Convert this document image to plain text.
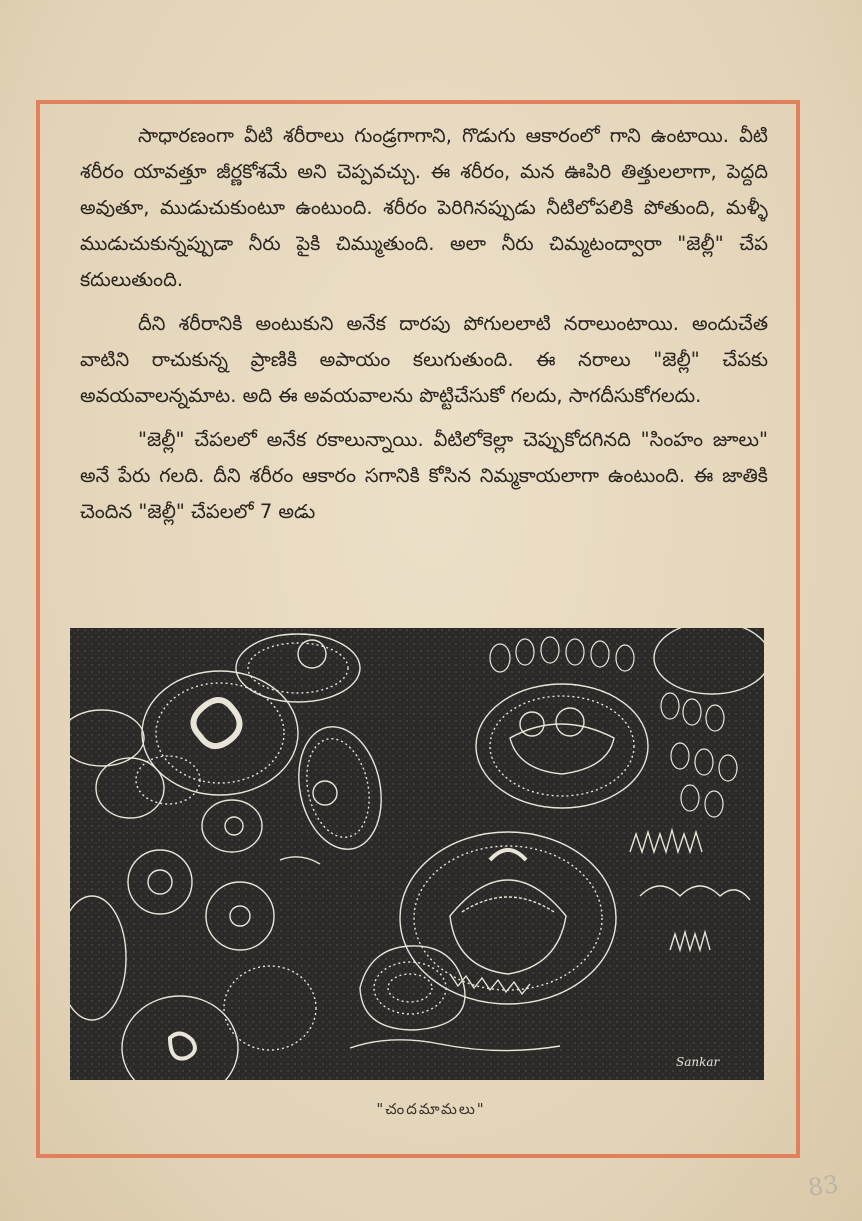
సాధారణంగా వీటి శరీరాలు గుండ్రగాగాని, గొడుగు ఆకారంలో గాని ఉంటాయి. వీటి శరీరం యావత్తూ జీర్ణకోశమే అని చెప్పవచ్చు. ఈ శరీరం, మన ఊపిరి తిత్తులలాగా, పెద్దది అవుతూ, ముడుచుకుంటూ ఉంటుంది. శరీరం పెరిగినప్పుడు నీటిలోపలికి పోతుంది, మళ్ళీ ముడుచుకున్నప్పుడా నీరు పైకి చిమ్ముతుంది. అలా నీరు చిమ్మటంద్వారా "జెల్లీ" చేప కదులుతుంది.

దీని శరీరానికి అంటుకుని అనేక దారపు పోగులలాటి నరాలుంటాయి. అందుచేత వాటిని రాచుకున్న ప్రాణికి అపాయం కలుగుతుంది. ఈ నరాలు "జెల్లీ" చేపకు అవయవాలన్నమాట. అది ఈ అవయవాలను పొట్టిచేసుకో గలదు, సాగదీసుకోగలదు.

"జెల్లీ" చేపలలో అనేక రకాలున్నాయి. వీటిలోకెల్లా చెప్పుకోదగినది "సింహం జూలు" అనే పేరు గలది. దీని శరీరం ఆకారం సగానికి కోసిన నిమ్మకాయలాగా ఉంటుంది. ఈ జాతికి చెందిన "జెల్లీ" చేపలలో 7 అడు

Sankar
"చందమామలు"
83
